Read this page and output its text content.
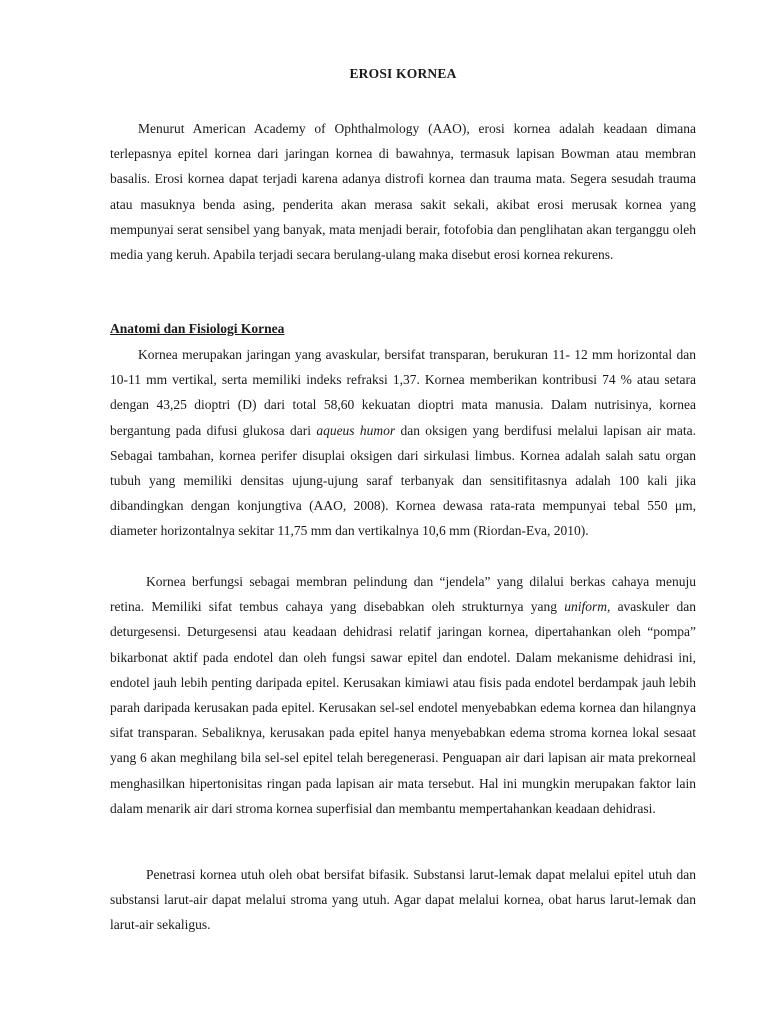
EROSI KORNEA

Menurut American Academy of Ophthalmology (AAO), erosi kornea adalah keadaan dimana terlepasnya epitel kornea dari jaringan kornea di bawahnya, termasuk lapisan Bowman atau membran basalis. Erosi kornea dapat terjadi karena adanya distrofi kornea dan trauma mata. Segera sesudah trauma atau masuknya benda asing, penderita akan merasa sakit sekali, akibat erosi merusak kornea yang mempunyai serat sensibel yang banyak, mata menjadi berair, fotofobia dan penglihatan akan terganggu oleh media yang keruh. Apabila terjadi secara berulang-ulang maka disebut erosi kornea rekurens.

Anatomi dan Fisiologi Kornea

Kornea merupakan jaringan yang avaskular, bersifat transparan, berukuran 11- 12 mm horizontal dan 10-11 mm vertikal, serta memiliki indeks refraksi 1,37. Kornea memberikan kontribusi 74 % atau setara dengan 43,25 dioptri (D) dari total 58,60 kekuatan dioptri mata manusia. Dalam nutrisinya, kornea bergantung pada difusi glukosa dari aqueus humor dan oksigen yang berdifusi melalui lapisan air mata. Sebagai tambahan, kornea perifer disuplai oksigen dari sirkulasi limbus. Kornea adalah salah satu organ tubuh yang memiliki densitas ujung-ujung saraf terbanyak dan sensitifitasnya adalah 100 kali jika dibandingkan dengan konjungtiva (AAO, 2008). Kornea dewasa rata-rata mempunyai tebal 550 μm, diameter horizontalnya sekitar 11,75 mm dan vertikalnya 10,6 mm (Riordan-Eva, 2010).

Kornea berfungsi sebagai membran pelindung dan “jendela” yang dilalui berkas cahaya menuju retina. Memiliki sifat tembus cahaya yang disebabkan oleh strukturnya yang uniform, avaskuler dan deturgesensi. Deturgesensi atau keadaan dehidrasi relatif jaringan kornea, dipertahankan oleh “pompa” bikarbonat aktif pada endotel dan oleh fungsi sawar epitel dan endotel. Dalam mekanisme dehidrasi ini, endotel jauh lebih penting daripada epitel. Kerusakan kimiawi atau fisis pada endotel berdampak jauh lebih parah daripada kerusakan pada epitel. Kerusakan sel-sel endotel menyebabkan edema kornea dan hilangnya sifat transparan. Sebaliknya, kerusakan pada epitel hanya menyebabkan edema stroma kornea lokal sesaat yang 6 akan meghilang bila sel-sel epitel telah beregenerasi. Penguapan air dari lapisan air mata prekorneal menghasilkan hipertonisitas ringan pada lapisan air mata tersebut. Hal ini mungkin merupakan faktor lain dalam menarik air dari stroma kornea superfisial dan membantu mempertahankan keadaan dehidrasi.

Penetrasi kornea utuh oleh obat bersifat bifasik. Substansi larut-lemak dapat melalui epitel utuh dan substansi larut-air dapat melalui stroma yang utuh. Agar dapat melalui kornea, obat harus larut-lemak dan larut-air sekaligus.
